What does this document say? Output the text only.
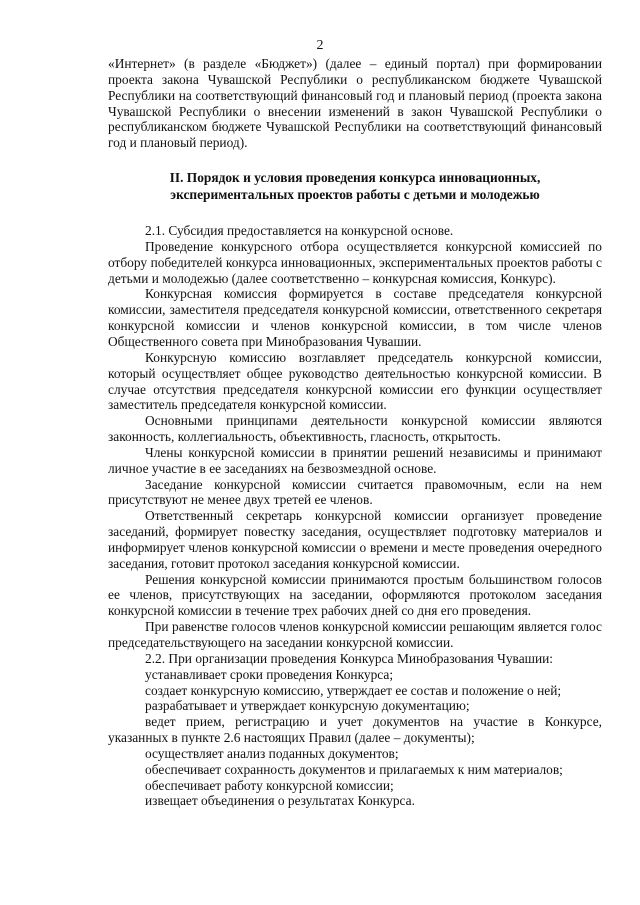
2

«Интернет» (в разделе «Бюджет») (далее – единый портал) при формировании проекта закона Чувашской Республики о республиканском бюджете Чувашской Республики на соответствующий финансовый год и плановый период (проекта закона Чувашской Республики о внесении изменений в закон Чувашской Республики о республиканском бюджете Чувашской Республики на соответствующий финансовый год и плановый период).

II. Порядок и условия проведения конкурса инновационных,
экспериментальных проектов работы с детьми и молодежью

2.1. Субсидия предоставляется на конкурсной основе.

Проведение конкурсного отбора осуществляется конкурсной комиссией по отбору победителей конкурса инновационных, экспериментальных проектов работы с детьми и молодежью (далее соответственно – конкурсная комиссия, Конкурс).

Конкурсная комиссия формируется в составе председателя конкурсной комиссии, заместителя председателя конкурсной комиссии, ответственного секретаря конкурсной комиссии и членов конкурсной комиссии, в том числе членов Общественного совета при Минобразования Чувашии.

Конкурсную комиссию возглавляет председатель конкурсной комиссии, который осуществляет общее руководство деятельностью конкурсной комиссии. В случае отсутствия председателя конкурсной комиссии его функции осуществляет заместитель председателя конкурсной комиссии.

Основными принципами деятельности конкурсной комиссии являются законность, коллегиальность, объективность, гласность, открытость.

Члены конкурсной комиссии в принятии решений независимы и принимают личное участие в ее заседаниях на безвозмездной основе.

Заседание конкурсной комиссии считается правомочным, если на нем присутствуют не менее двух третей ее членов.

Ответственный секретарь конкурсной комиссии организует проведение заседаний, формирует повестку заседания, осуществляет подготовку материалов и информирует членов конкурсной комиссии о времени и месте проведения очередного заседания, готовит протокол заседания конкурсной комиссии.

Решения конкурсной комиссии принимаются простым большинством голосов ее членов, присутствующих на заседании, оформляются протоколом заседания конкурсной комиссии в течение трех рабочих дней со дня его проведения.

При равенстве голосов членов конкурсной комиссии решающим является голос председательствующего на заседании конкурсной комиссии.

2.2. При организации проведения Конкурса Минобразования Чувашии:

устанавливает сроки проведения Конкурса;

создает конкурсную комиссию, утверждает ее состав и положение о ней;

разрабатывает и утверждает конкурсную документацию;

ведет прием, регистрацию и учет документов на участие в Конкурсе, указанных в пункте 2.6 настоящих Правил (далее – документы);

осуществляет анализ поданных документов;

обеспечивает сохранность документов и прилагаемых к ним материалов;

обеспечивает работу конкурсной комиссии;

извещает объединения о результатах Конкурса.
